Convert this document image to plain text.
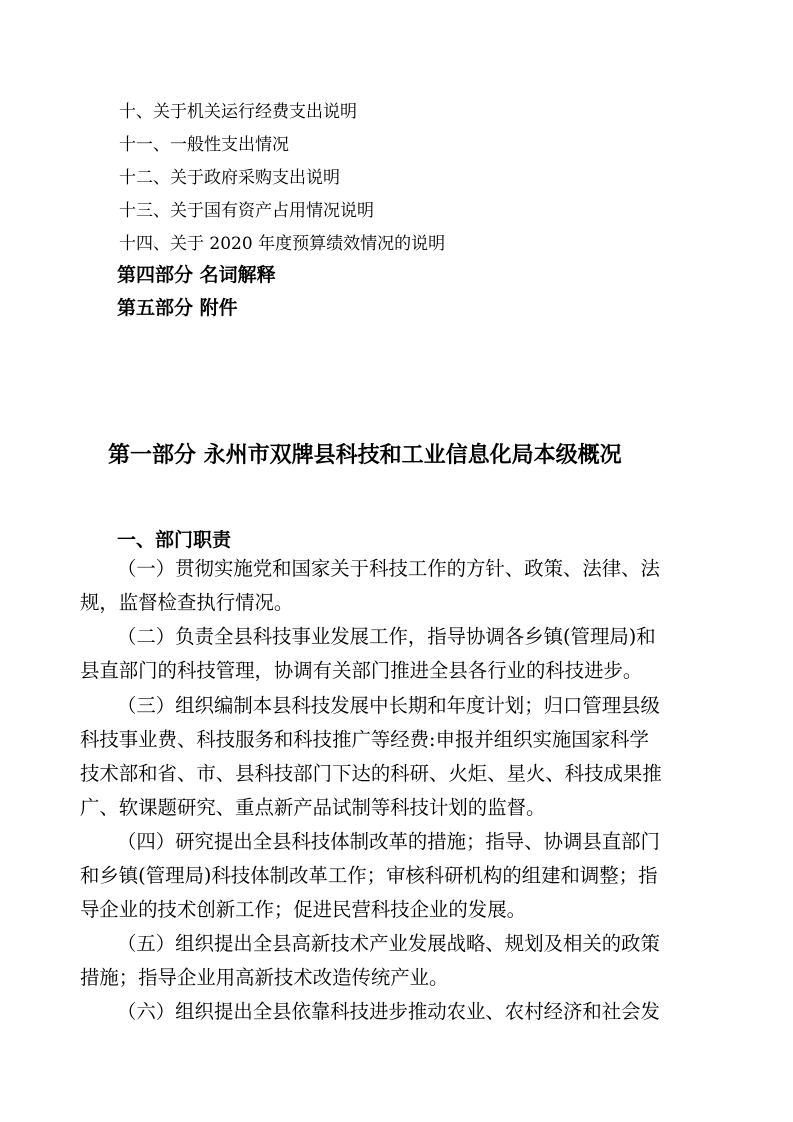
十、关于机关运行经费支出说明
十一、一般性支出情况
十二、关于政府采购支出说明
十三、关于国有资产占用情况说明
十四、关于 2020 年度预算绩效情况的说明
第四部分 名词解释
第五部分 附件
第一部分 永州市双牌县科技和工业信息化局本级概况
一、部门职责
（一）贯彻实施党和国家关于科技工作的方针、政策、法律、法
规，监督检查执行情况。
（二）负责全县科技事业发展工作，指导协调各乡镇(管理局)和
县直部门的科技管理，协调有关部门推进全县各行业的科技进步。
（三）组织编制本县科技发展中长期和年度计划；归口管理县级
科技事业费、科技服务和科技推广等经费:申报并组织实施国家科学
技术部和省、市、县科技部门下达的科研、火炬、星火、科技成果推
广、软课题研究、重点新产品试制等科技计划的监督。
（四）研究提出全县科技体制改革的措施；指导、协调县直部门
和乡镇(管理局)科技体制改革工作；审核科研机构的组建和调整；指
导企业的技术创新工作；促进民营科技企业的发展。
（五）组织提出全县高新技术产业发展战略、规划及相关的政策
措施；指导企业用高新技术改造传统产业。
（六）组织提出全县依靠科技进步推动农业、农村经济和社会发
